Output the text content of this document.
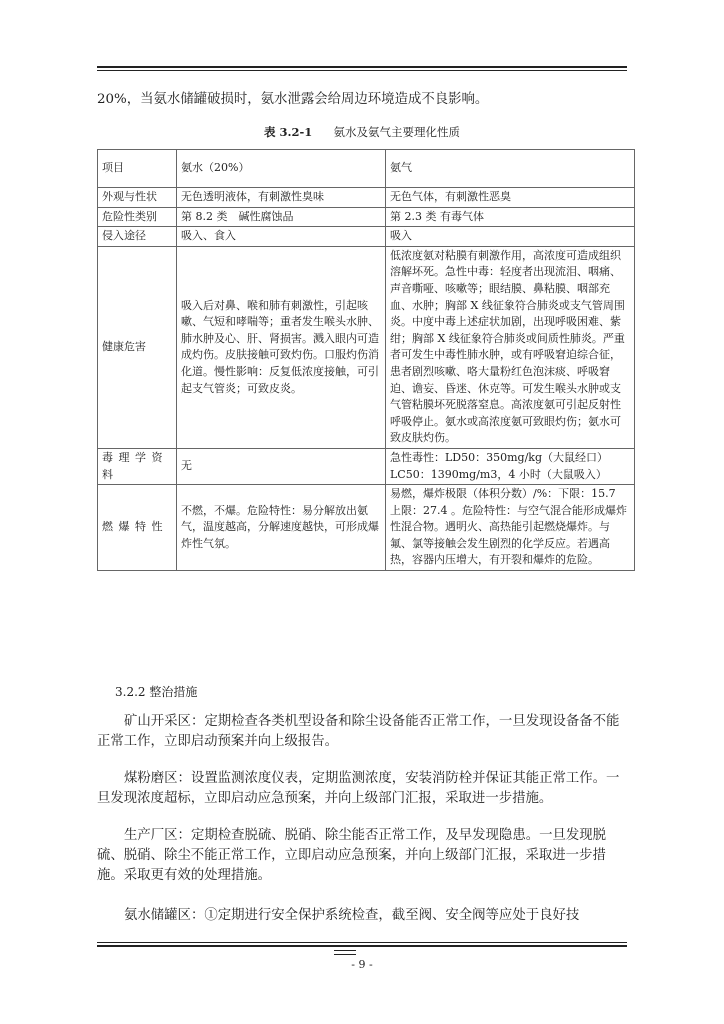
20%，当氨水储罐破损时，氨水泄露会给周边环境造成不良影响。

表 3.2-1 氨水及氨气主要理化性质

项目	氨水（20%）	氨气
外观与性状	无色透明液体，有刺激性臭味	无色气体，有刺激性恶臭
危险性类别	第 8.2 类　碱性腐蚀品	第 2.3 类 有毒气体
侵入途径	吸入、食入	吸入
健康危害	吸入后对鼻、喉和肺有刺激性，引起咳嗽、气短和哮喘等；重者发生喉头水肿、肺水肿及心、肝、肾损害。溅入眼内可造成灼伤。皮肤接触可致灼伤。口服灼伤消化道。慢性影响：反复低浓度接触，可引起支气管炎；可致皮炎。	低浓度氨对粘膜有刺激作用，高浓度可造成组织溶解坏死。急性中毒：轻度者出现流泪、咽痛、声音嘶哑、咳嗽等；眼结膜、鼻粘膜、咽部充血、水肿；胸部 X 线征象符合肺炎或支气管周围炎。中度中毒上述症状加剧，出现呼吸困难、紫绀；胸部 X 线征象符合肺炎或间质性肺炎。严重者可发生中毒性肺水肿，或有呼吸窘迫综合征，患者剧烈咳嗽、咯大量粉红色泡沫痰、呼吸窘迫、谵妄、昏迷、休克等。可发生喉头水肿或支气管粘膜坏死脱落窒息。高浓度氨可引起反射性呼吸停止。氨水或高浓度氨可致眼灼伤；氨水可致皮肤灼伤。
毒理学资料	无	急性毒性：LD50：350mg/kg（大鼠经口）LC50：1390mg/m3，4 小时（大鼠吸入）
燃爆特性	不燃，不爆。危险特性：易分解放出氨气，温度越高，分解速度越快，可形成爆炸性气氛。	易燃，爆炸极限（体积分数）/%：下限：15.7 上限：27.4 。危险特性：与空气混合能形成爆炸性混合物。遇明火、高热能引起燃烧爆炸。与氟、氯等接触会发生剧烈的化学反应。若遇高热，容器内压增大，有开裂和爆炸的危险。

3.2.2 整治措施

矿山开采区：定期检查各类机型设备和除尘设备能否正常工作，一旦发现设备备不能正常工作，立即启动预案并向上级报告。

煤粉磨区：设置监测浓度仪表，定期监测浓度，安装消防栓并保证其能正常工作。一旦发现浓度超标，立即启动应急预案，并向上级部门汇报，采取进一步措施。

生产厂区：定期检查脱硫、脱硝、除尘能否正常工作，及早发现隐患。一旦发现脱硫、脱硝、除尘不能正常工作，立即启动应急预案，并向上级部门汇报，采取进一步措施。采取更有效的处理措施。

氨水储罐区：①定期进行安全保护系统检查，截至阀、安全阀等应处于良好技

- 9 -
